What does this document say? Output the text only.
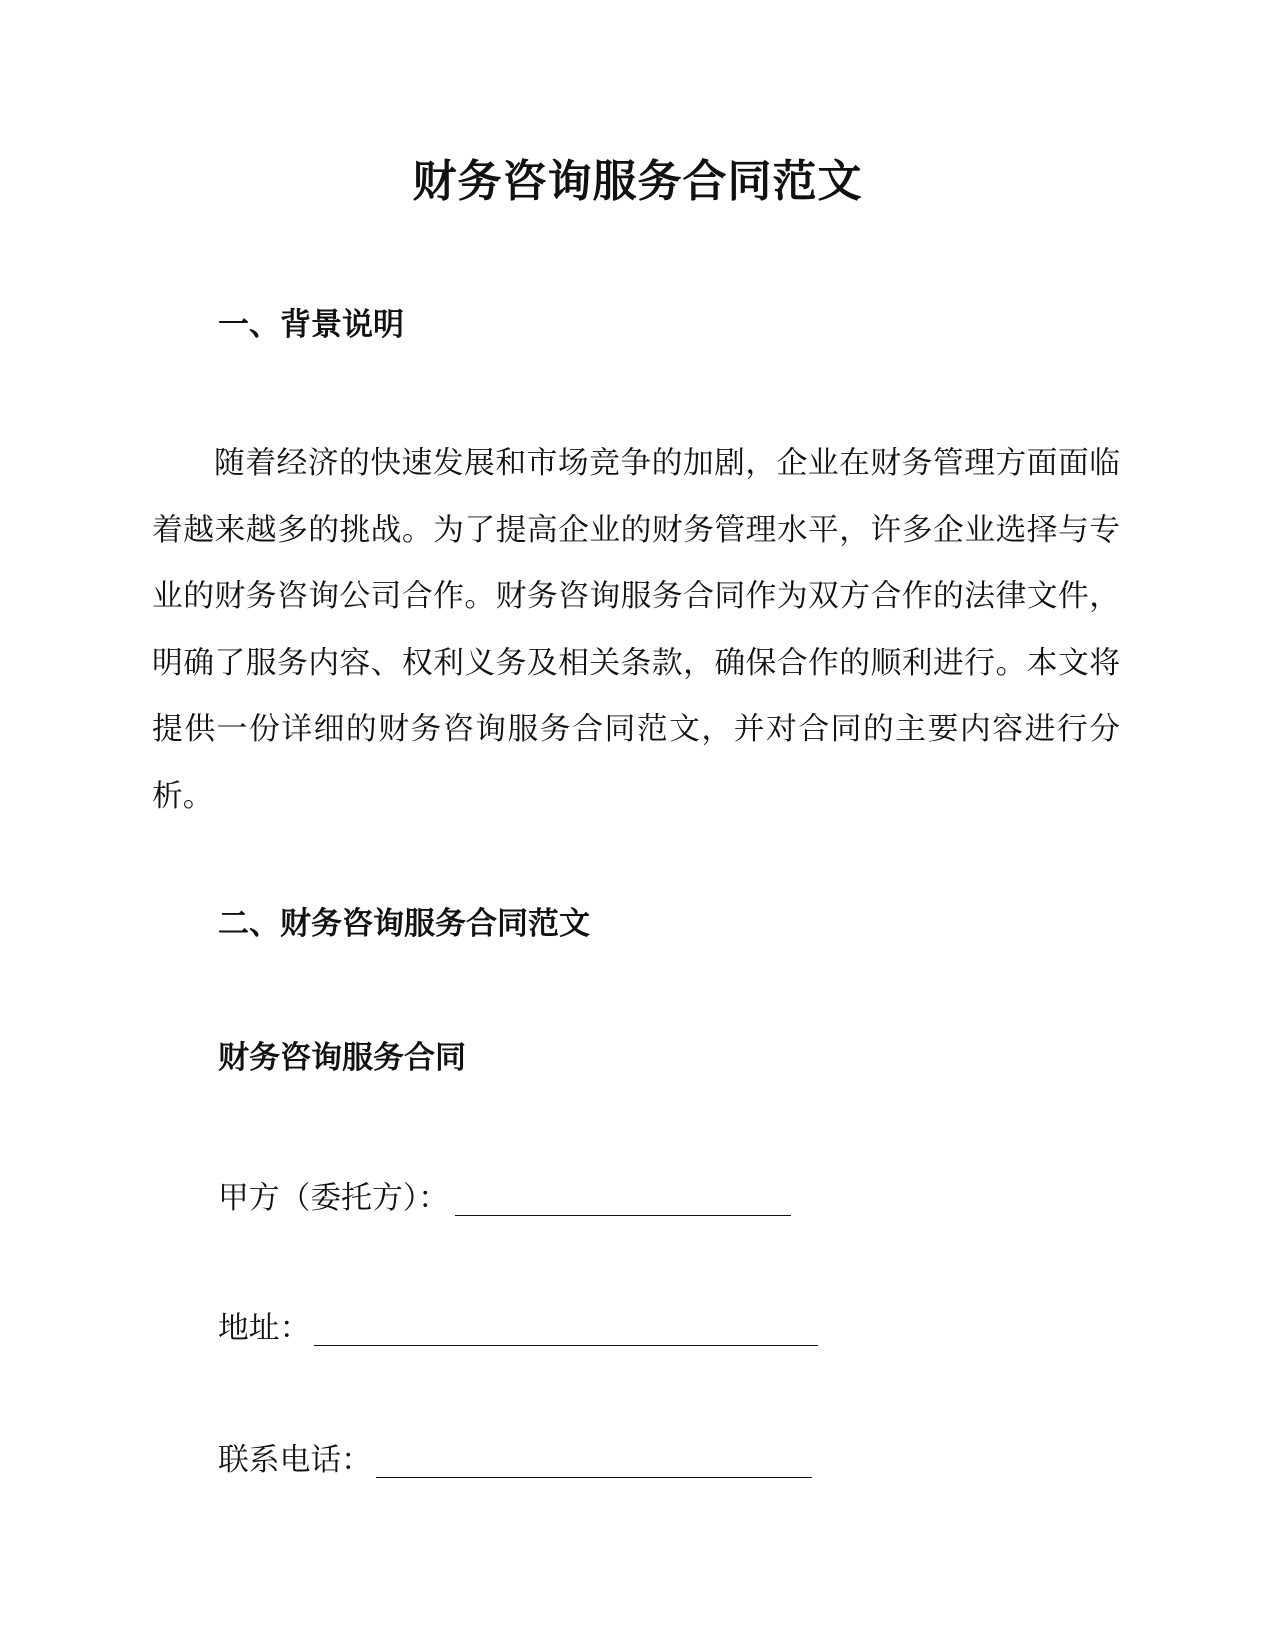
财务咨询服务合同范文
一、背景说明

随着经济的快速发展和市场竞争的加剧，企业在财务管理方面面临着越来越多的挑战。为了提高企业的财务管理水平，许多企业选择与专业的财务咨询公司合作。财务咨询服务合同作为双方合作的法律文件，明确了服务内容、权利义务及相关条款，确保合作的顺利进行。本文将提供一份详细的财务咨询服务合同范文，并对合同的主要内容进行分析。

二、财务咨询服务合同范文
财务咨询服务合同
甲方（委托方）：
地址：
联系电话：
